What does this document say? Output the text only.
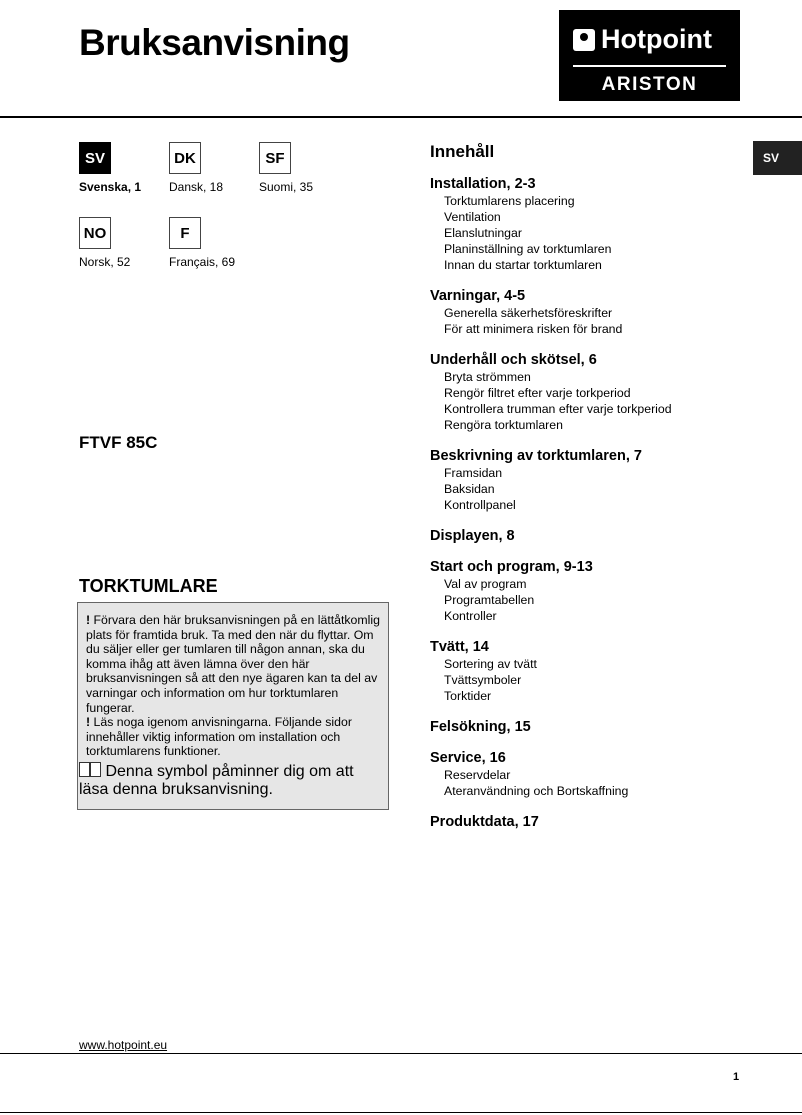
Bruksanvisning	Hotpoint
ARISTON
SV
SV
Svenska, 1
DK
Dansk, 18
SF
Suomi, 35
NO
Norsk, 52
F
Français, 69
FTVF 85C
TORKTUMLARE
! Förvara den här bruksanvisningen på en lättåtkomlig plats för framtida bruk. Ta med den när du flyttar. Om du säljer eller ger tumlaren till någon annan, ska du komma ihåg att även lämna över den här bruksanvisningen så att den nye ägaren kan ta del av varningar och information om hur torktumlaren fungerar.
! Läs noga igenom anvisningarna. Följande sidor innehåller viktig information om installation och torktumlarens funktioner.
Denna symbol påminner dig om att läsa denna bruksanvisning.
Innehåll
Installation, 2-3
Torktumlarens placering
Ventilation
Elanslutningar
Planinställning av torktumlaren
Innan du startar torktumlaren
Varningar, 4-5
Generella säkerhetsföreskrifter
För att minimera risken för brand
Underhåll och skötsel, 6
Bryta strömmen
Rengör filtret efter varje torkperiod
Kontrollera trumman efter varje torkperiod
Rengöra torktumlaren
Beskrivning av torktumlaren, 7
Framsidan
Baksidan
Kontrollpanel
Displayen, 8
Start och program, 9-13
Val av program
Programtabellen
Kontroller
Tvätt, 14
Sortering av tvätt
Tvättsymboler
Torktider
Felsökning, 15
Service, 16
Reservdelar
Ateranvändning och Bortskaffning
Produktdata, 17
www.hotpoint.eu
1
